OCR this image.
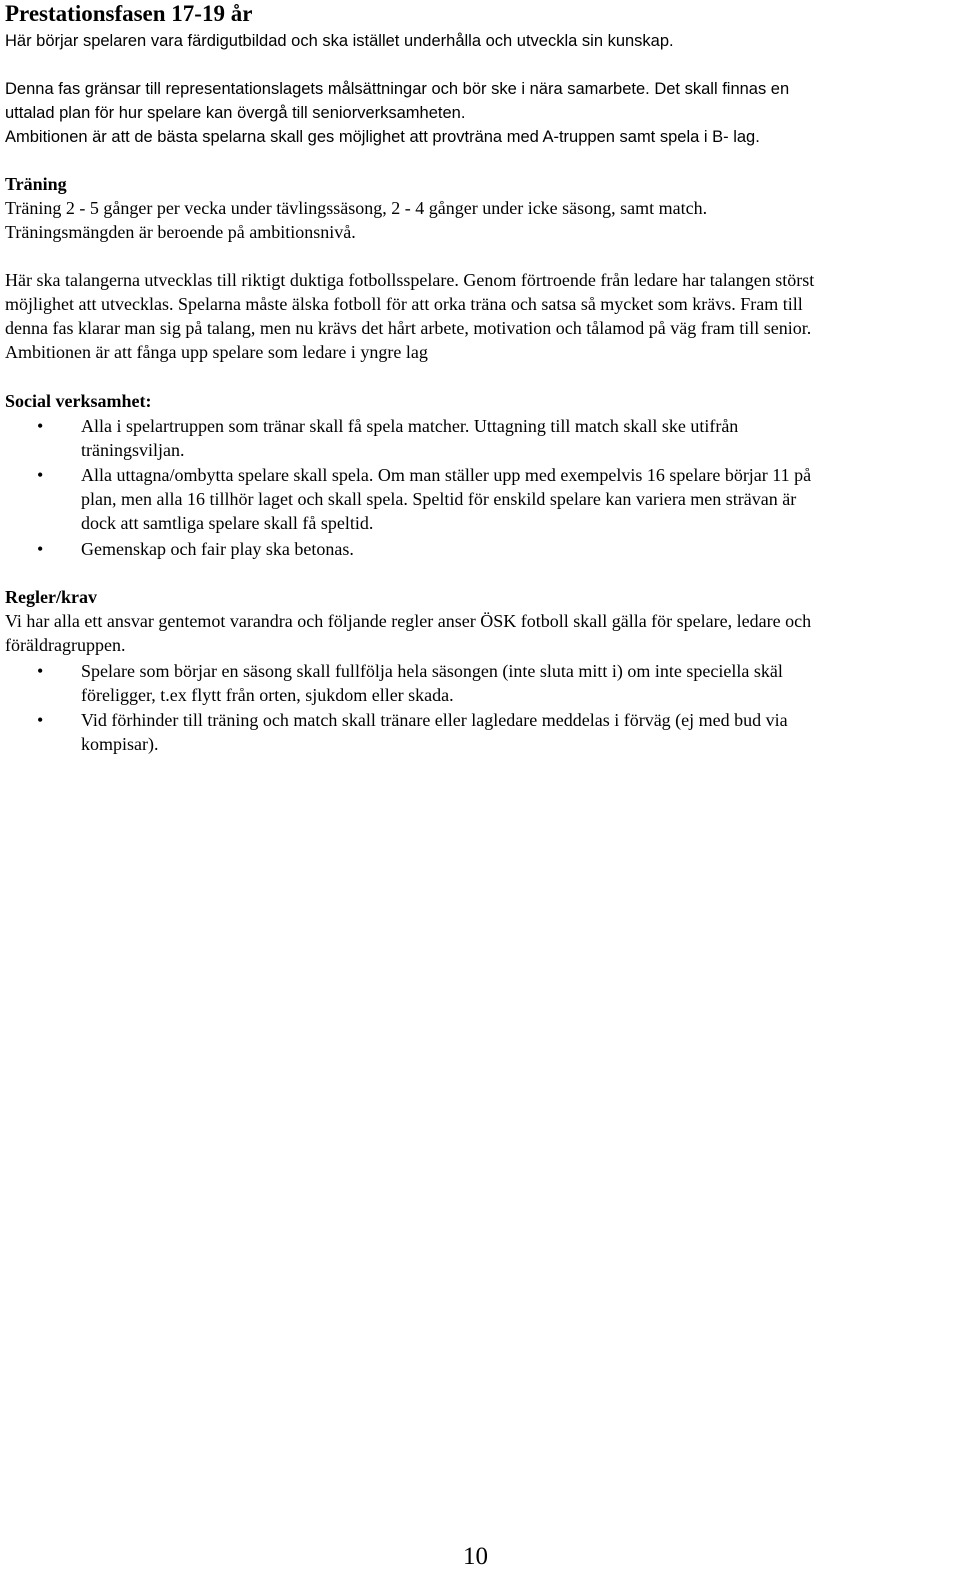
Prestationsfasen 17-19 år
Här börjar spelaren vara färdigutbildad och ska istället underhålla och utveckla sin kunskap.
Denna fas gränsar till representationslagets målsättningar och bör ske i nära samarbete. Det skall finnas en
uttalad plan för hur spelare kan övergå till seniorverksamheten.
Ambitionen är att de bästa spelarna skall ges möjlighet att provträna med A-truppen samt spela i B- lag.
Träning
Träning 2 - 5 gånger per vecka under tävlingssäsong, 2 - 4 gånger under icke säsong, samt match.
Träningsmängden är beroende på ambitionsnivå.
Här ska talangerna utvecklas till riktigt duktiga fotbollsspelare. Genom förtroende från ledare har talangen störst
möjlighet att utvecklas. Spelarna måste älska fotboll för att orka träna och satsa så mycket som krävs. Fram till
denna fas klarar man sig på talang, men nu krävs det hårt arbete, motivation och tålamod på väg fram till senior.
Ambitionen är att fånga upp spelare som ledare i yngre lag
Social verksamhet:
• Alla i spelartruppen som tränar skall få spela matcher. Uttagning till match skall ske utifrån
träningsviljan.
• Alla uttagna/ombytta spelare skall spela. Om man ställer upp med exempelvis 16 spelare börjar 11 på
plan, men alla 16 tillhör laget och skall spela. Speltid för enskild spelare kan variera men strävan är
dock att samtliga spelare skall få speltid.
• Gemenskap och fair play ska betonas.
Regler/krav
Vi har alla ett ansvar gentemot varandra och följande regler anser ÖSK fotboll skall gälla för spelare, ledare och
föräldragruppen.
• Spelare som börjar en säsong skall fullfölja hela säsongen (inte sluta mitt i) om inte speciella skäl
föreligger, t.ex flytt från orten, sjukdom eller skada.
• Vid förhinder till träning och match skall tränare eller lagledare meddelas i förväg (ej med bud via
kompisar).
10
